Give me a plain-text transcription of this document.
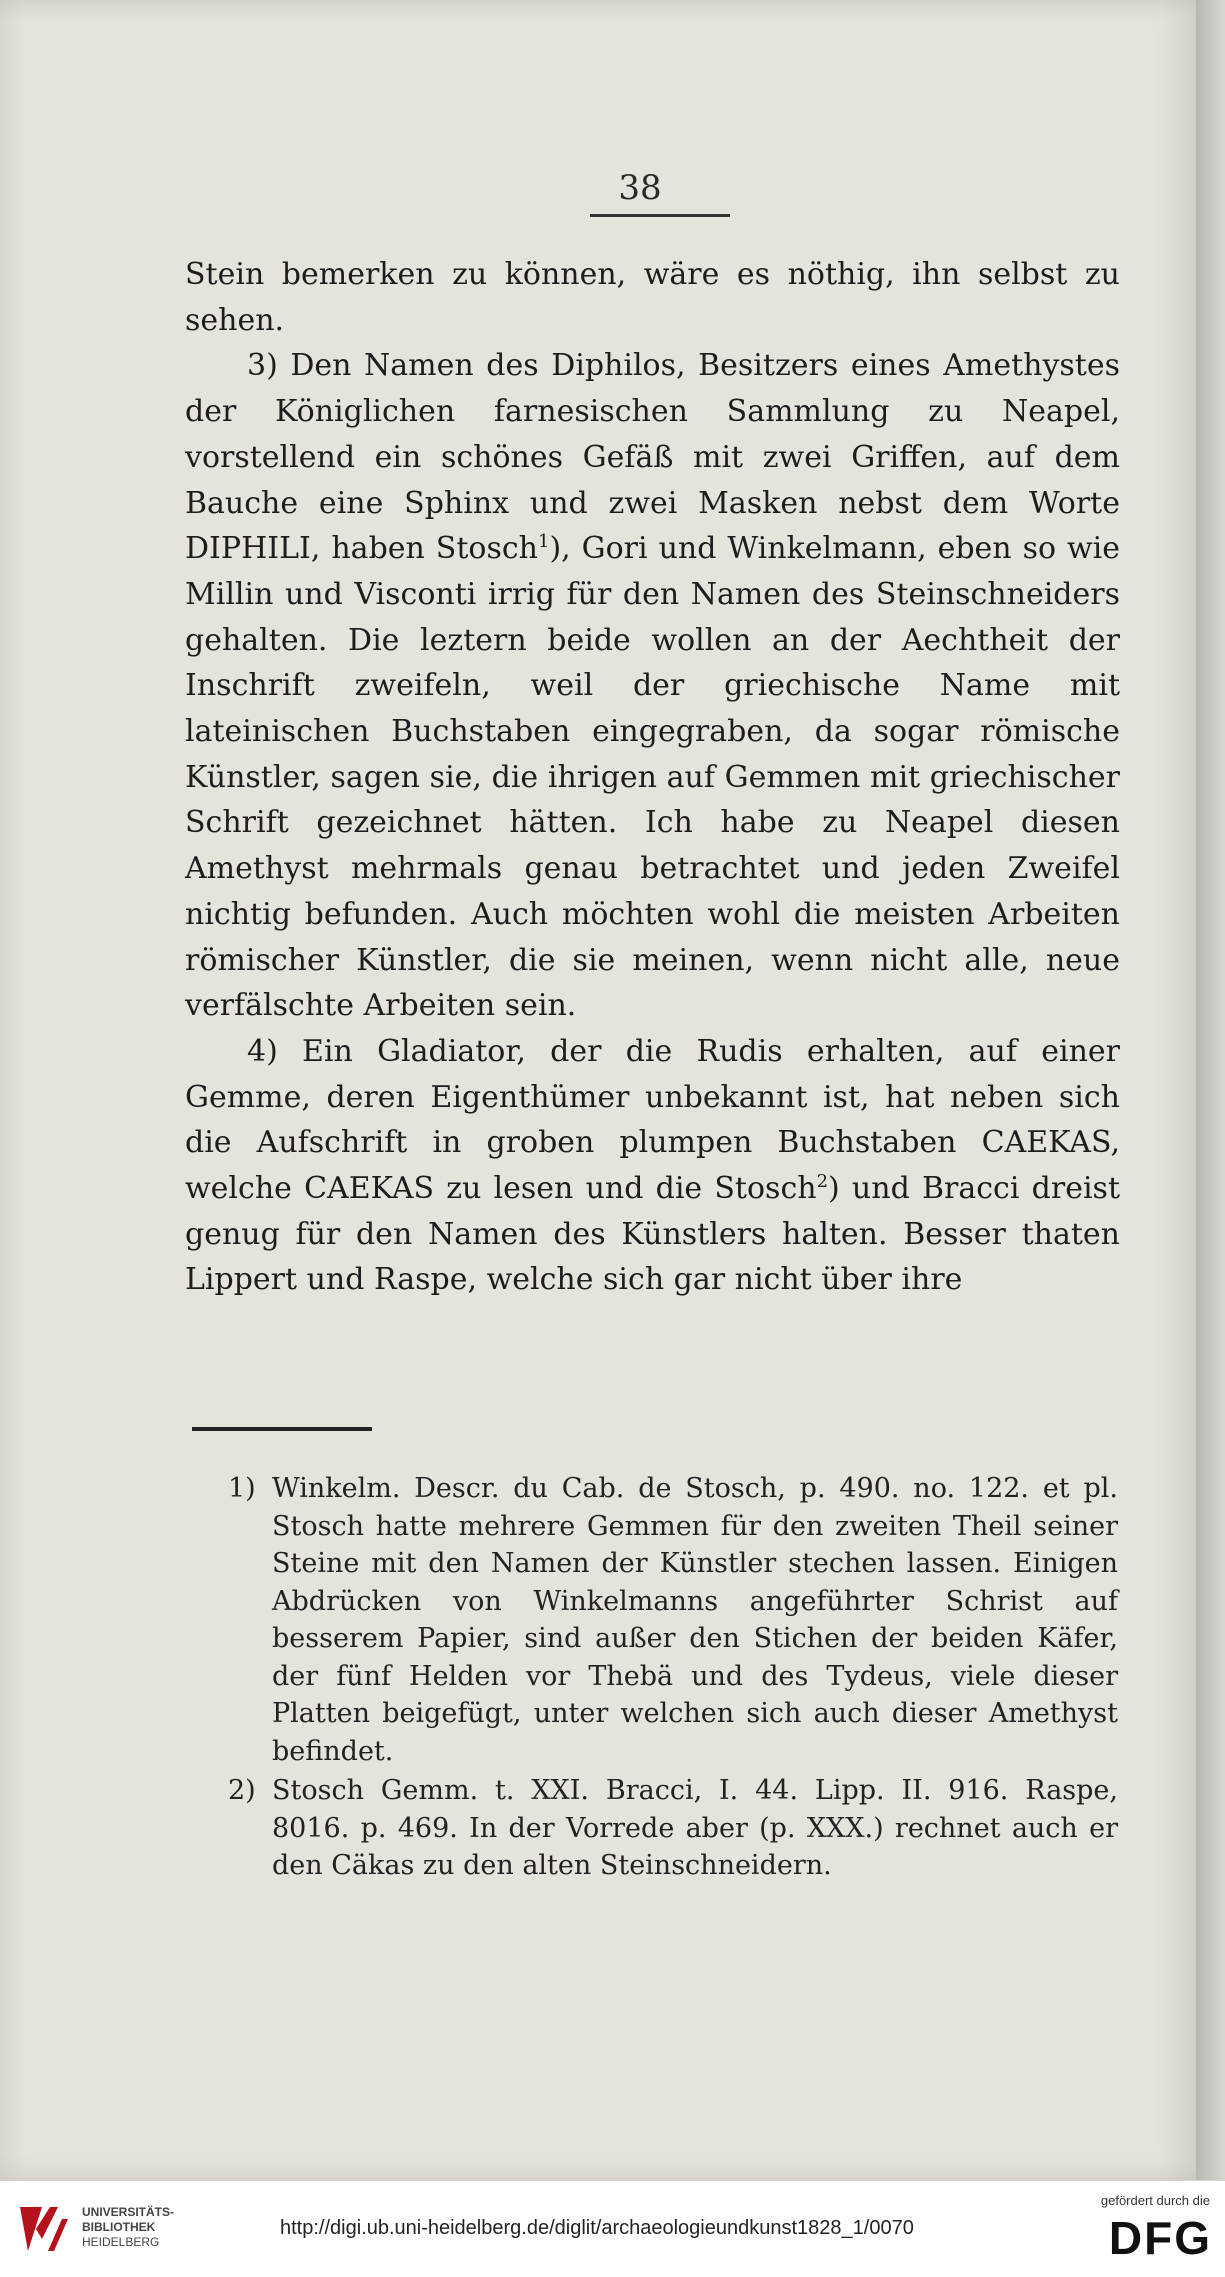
38

Stein bemerken zu können, wäre es nöthig, ihn selbst zu sehen.

3) Den Namen des Diphilos, Besitzers eines Amethystes der Königlichen farnesischen Sammlung zu Neapel, vorstellend ein schönes Gefäß mit zwei Griffen, auf dem Bauche eine Sphinx und zwei Masken nebst dem Worte DIPHILI, haben Stosch$^1$), Gori und Winkelmann, eben so wie Millin und Visconti irrig für den Namen des Steinschneiders gehalten. Die leztern beide wollen an der Aechtheit der Inschrift zweifeln, weil der griechische Name mit lateinischen Buchstaben eingegraben, da sogar römische Künstler, sagen sie, die ihrigen auf Gemmen mit griechischer Schrift gezeichnet hätten. Ich habe zu Neapel diesen Amethyst mehrmals genau betrachtet und jeden Zweifel nichtig befunden. Auch möchten wohl die meisten Arbeiten römischer Künstler, die sie meinen, wenn nicht alle, neue verfälschte Arbeiten sein.

4) Ein Gladiator, der die Rudis erhalten, auf einer Gemme, deren Eigenthümer unbekannt ist, hat neben sich die Aufschrift in groben plumpen Buchstaben CAEKAS, welche CAEKAS zu lesen und die Stosch$^2$) und Bracci dreist genug für den Namen des Künstlers halten. Besser thaten Lippert und Raspe, welche sich gar nicht über ihre

1) Winkelm. Descr. du Cab. de Stosch, p. 490. no. 122. et pl. Stosch hatte mehrere Gemmen für den zweiten Theil seiner Steine mit den Namen der Künstler stechen lassen. Einigen Abdrücken von Winkelmanns angeführter Schrist auf besserem Papier, sind außer den Stichen der beiden Käfer, der fünf Helden vor Thebä und des Tydeus, viele dieser Platten beigefügt, unter welchen sich auch dieser Amethyst befindet.
2) Stosch Gemm. t. XXI. Bracci, I. 44. Lipp. II. 916. Raspe, 8016. p. 469. In der Vorrede aber (p. XXX.) rechnet auch er den Cäkas zu den alten Steinschneidern.
UNIVERSITÄTS-
BIBLIOTHEK
HEIDELBERG
http://digi.ub.uni-heidelberg.de/diglit/archaeologieundkunst1828_1/0070
gefördert durch die
DFG
